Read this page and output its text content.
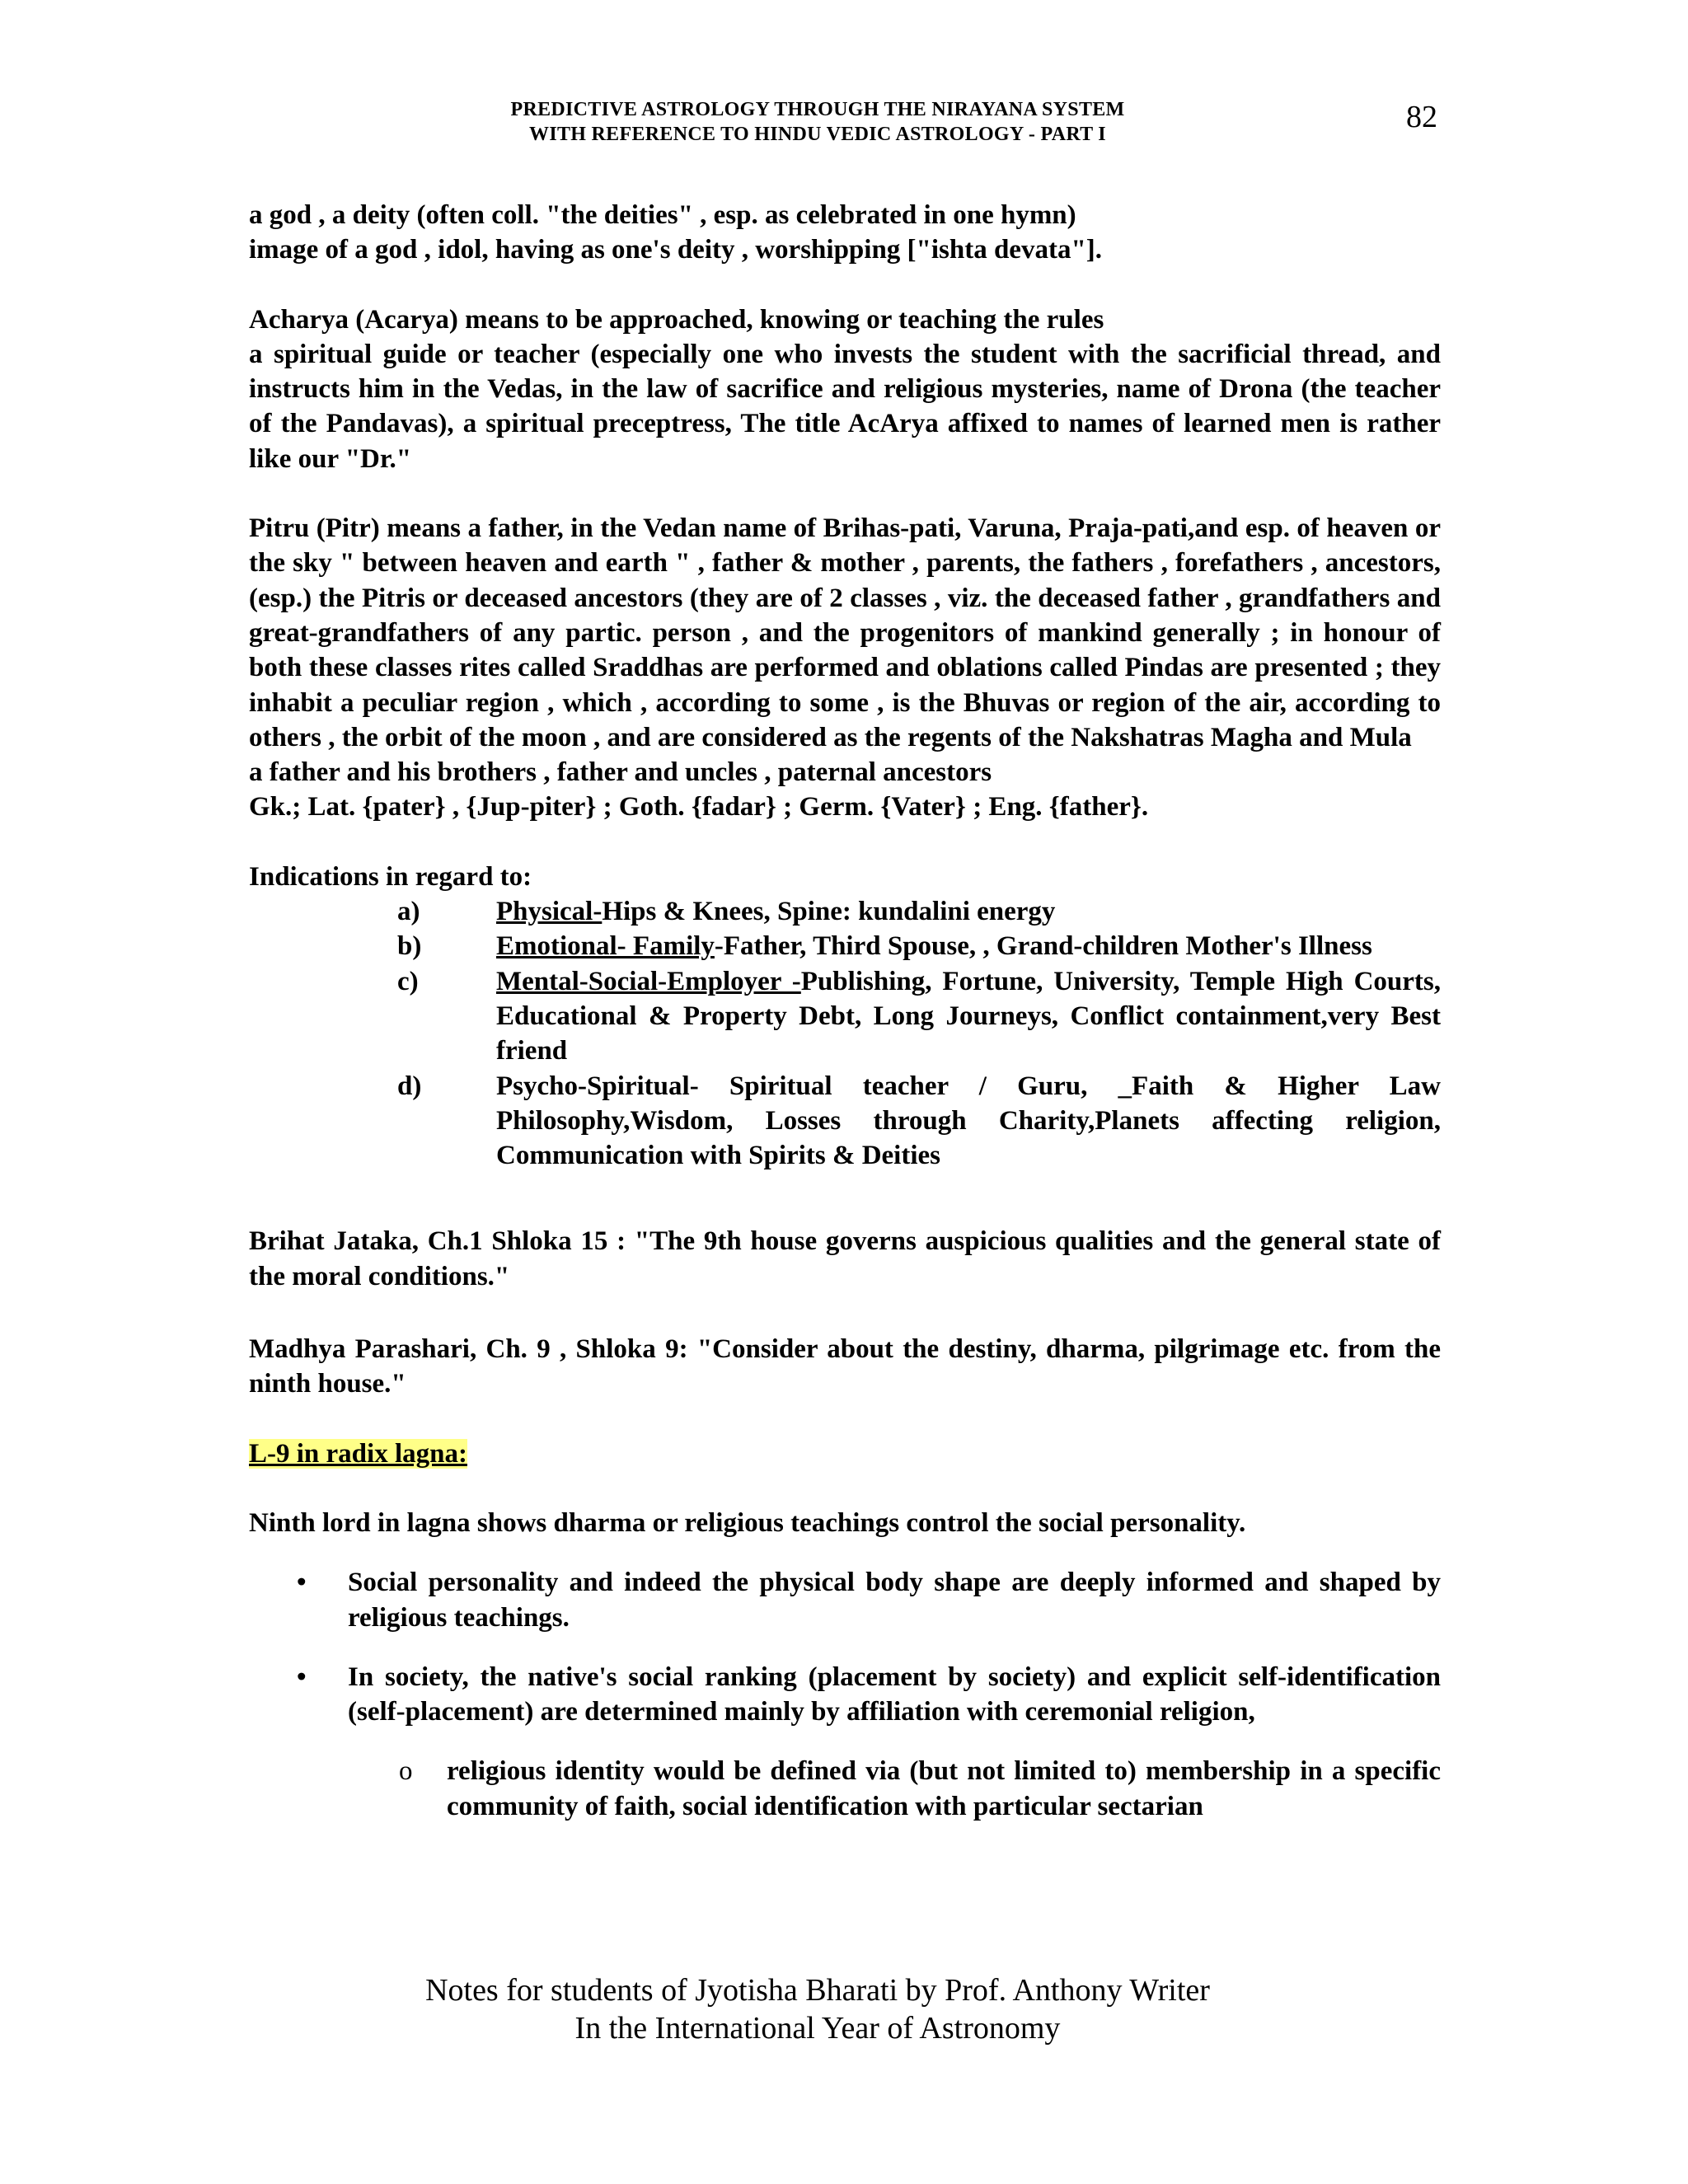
PREDICTIVE ASTROLOGY THROUGH THE NIRAYANA SYSTEM
WITH REFERENCE TO HINDU VEDIC ASTROLOGY - PART I	82

a god , a deity (often coll. "the deities" , esp. as celebrated in one hymn)

image of a god , idol, having as one's deity , worshipping ["ishta devata"].

Acharya (Acarya) means to be approached, knowing or teaching the rules

a spiritual guide or teacher (especially one who invests the student with the sacrificial thread, and instructs him in the Vedas, in the law of sacrifice and religious mysteries, name of Drona (the teacher of the Pandavas), a spiritual preceptress, The title AcArya affixed to names of learned men is rather like our "Dr."

Pitru (Pitr) means a father, in the Vedan name of Brihas-pati, Varuna, Praja-pati,and esp. of heaven or the sky " between heaven and earth " , father & mother , parents, the fathers , forefathers , ancestors, (esp.) the Pitris or deceased ancestors (they are of 2 classes , viz. the deceased father , grandfathers and great-grandfathers of any partic. person , and the progenitors of mankind generally ; in honour of both these classes rites called Sraddhas are performed and oblations called Pindas are presented ; they inhabit a peculiar region , which , according to some , is the Bhuvas or region of the air, according to others , the orbit of the moon , and are considered as the regents of the Nakshatras Magha and Mula

a father and his brothers , father and uncles , paternal ancestors

Gk.; Lat. {pater} , {Jup-piter} ; Goth. {fadar} ; Germ. {Vater} ; Eng. {father}.

Indications in regard to:

a)	Physical-Hips & Knees, Spine: kundalini energy
b)	Emotional- Family-Father, Third Spouse, , Grand-children Mother's Illness
c)	Mental-Social-Employer -Publishing, Fortune, University, Temple High Courts, Educational & Property Debt, Long Journeys, Conflict containment,very Best friend
d)	Psycho-Spiritual- Spiritual teacher / Guru, _Faith & Higher Law Philosophy,Wisdom, Losses through Charity,Planets affecting religion, Communication with Spirits & Deities

Brihat Jataka, Ch.1 Shloka 15 : "The 9th house governs auspicious qualities and the general state of the moral conditions."

Madhya Parashari, Ch. 9 , Shloka 9: "Consider about the destiny, dharma, pilgrimage etc. from the ninth house."

L-9 in radix lagna:

Ninth lord in lagna shows dharma or religious teachings control the social personality.

• Social personality and indeed the physical body shape are deeply informed and shaped by religious teachings.

• In society, the native's social ranking (placement by society) and explicit self-identification (self-placement) are determined mainly by affiliation with ceremonial religion,

o religious identity would be defined via (but not limited to) membership in a specific community of faith, social identification with particular sectarian

Notes for students of Jyotisha Bharati by Prof. Anthony Writer
In the International Year of Astronomy
